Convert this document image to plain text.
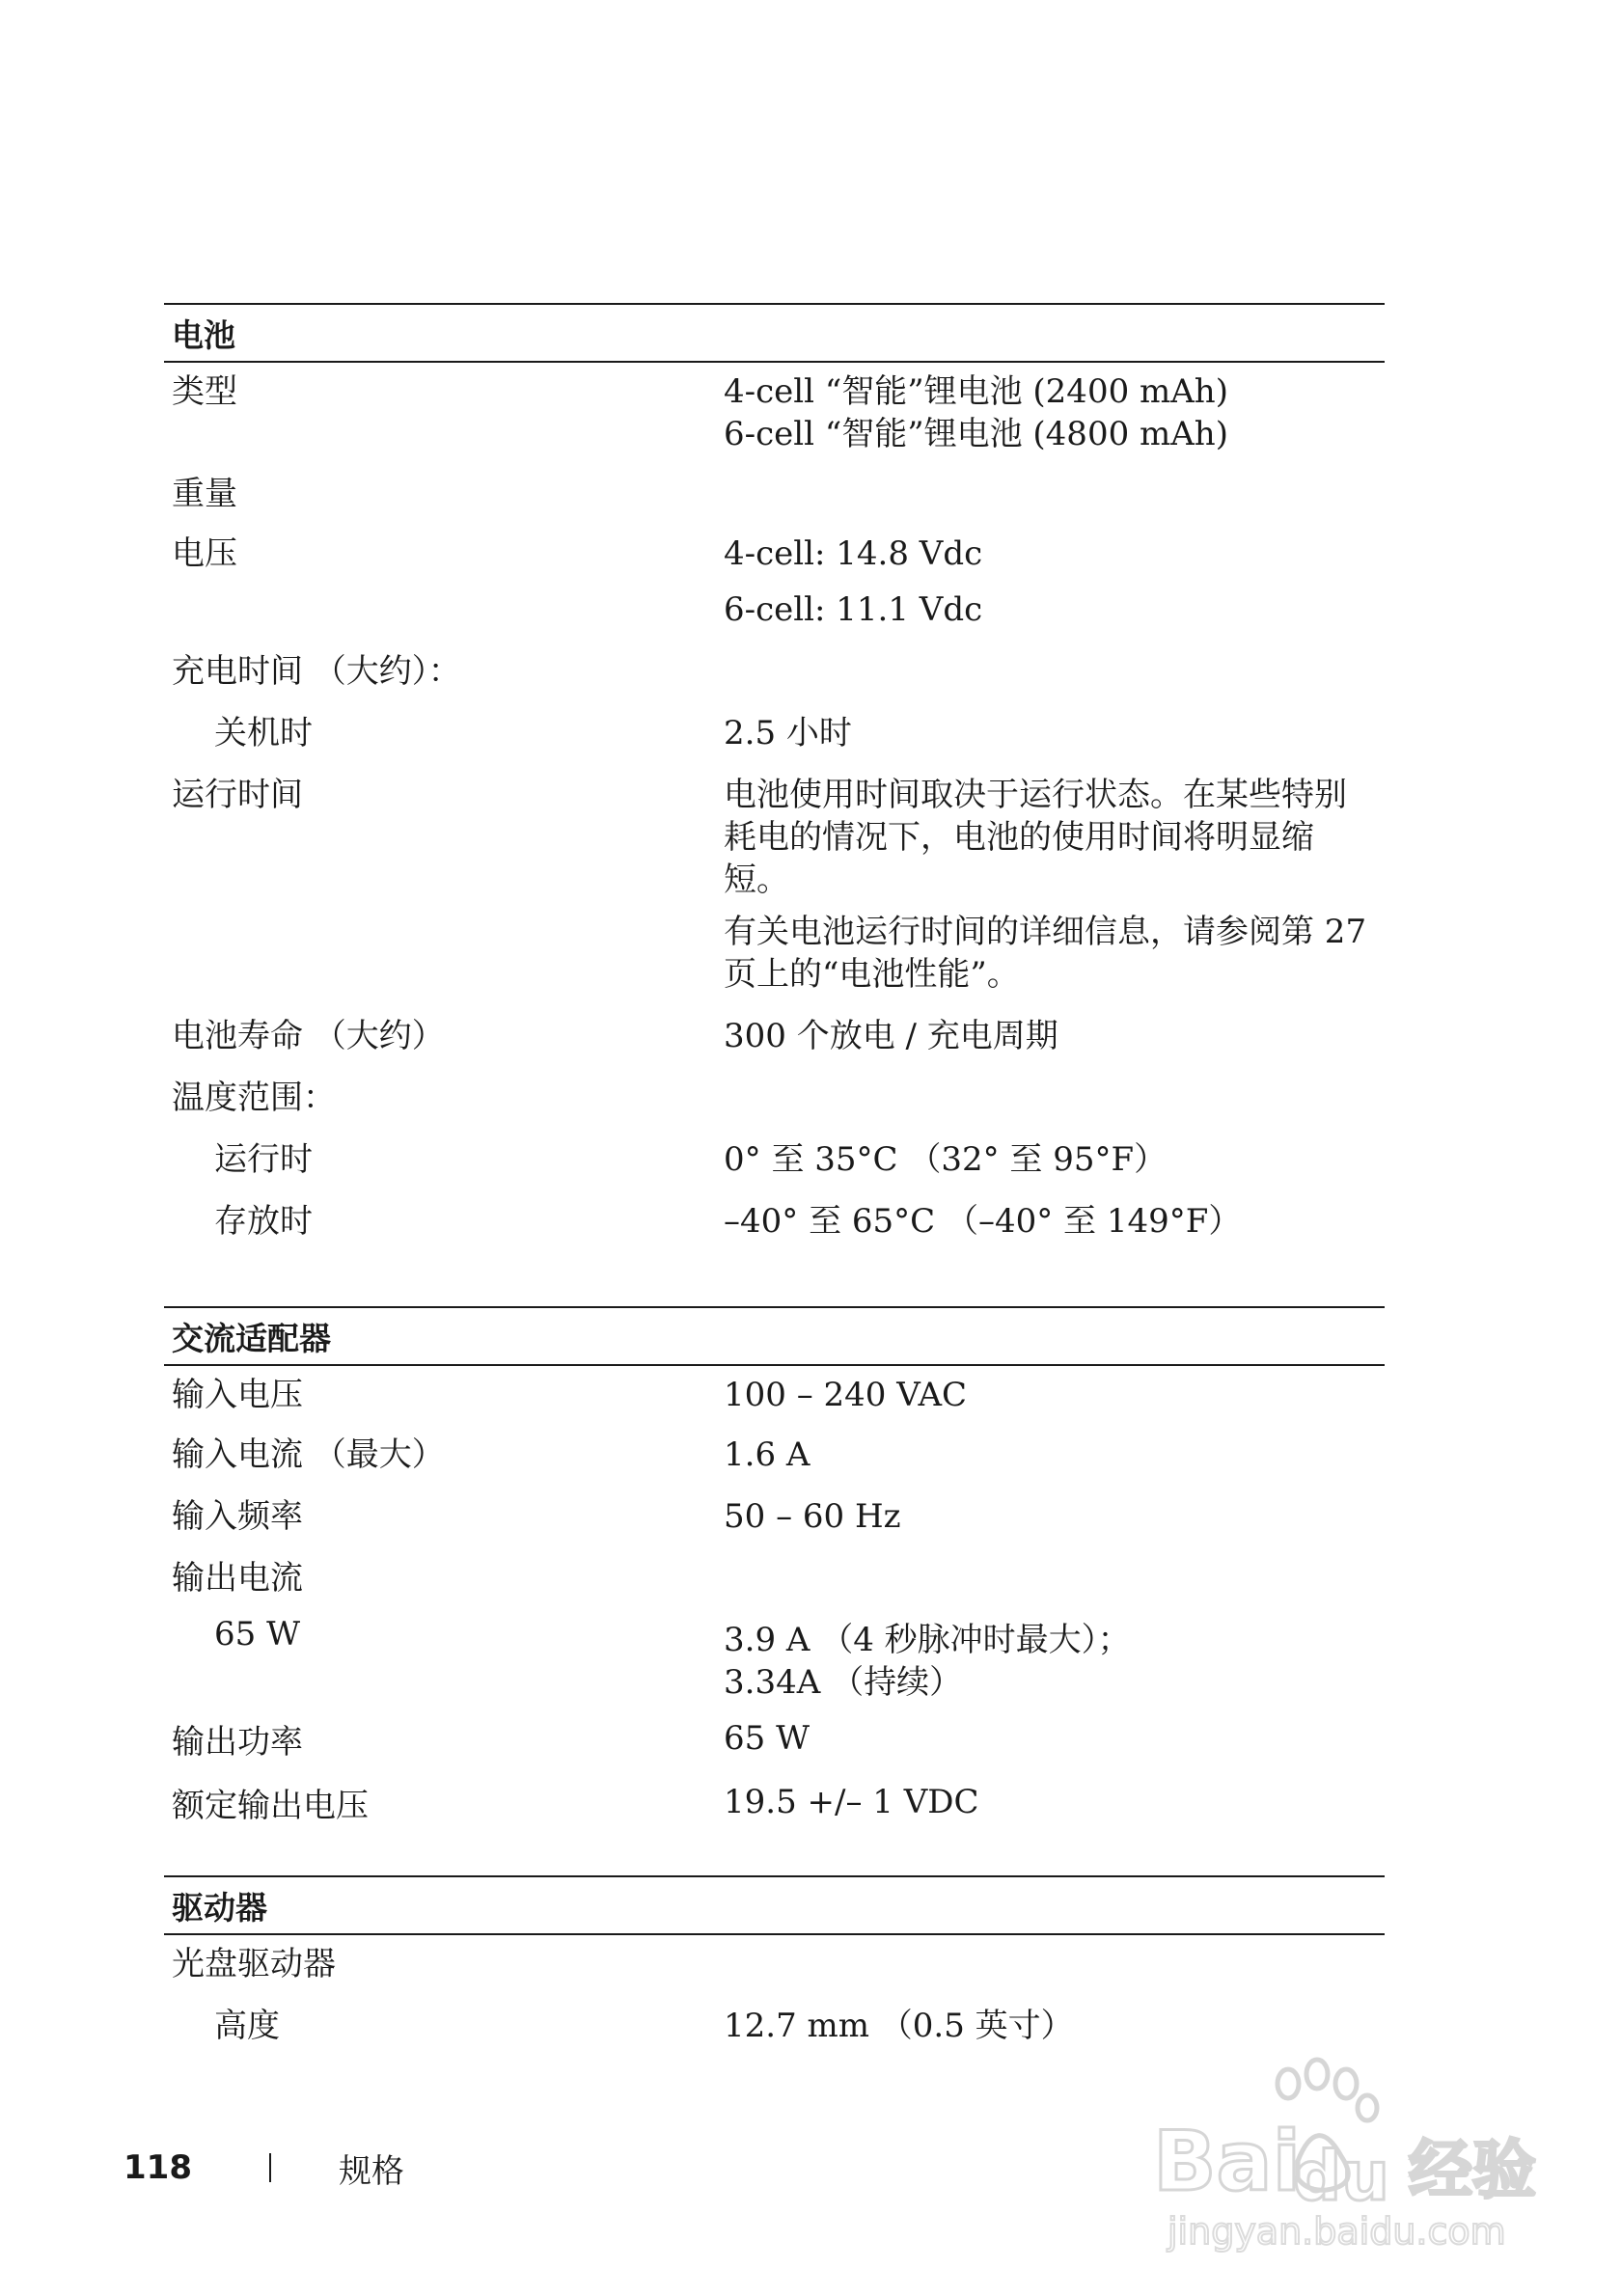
电池
类型	4-cell “智能”锂电池 (2400 mAh)
6-cell “智能”锂电池 (4800 mAh)
重量
电压	4-cell: 14.8 Vdc
6-cell: 11.1 Vdc
充电时间 （大约）：
关机时	2.5 小时
运行时间	电池使用时间取决于运行状态。在某些特别耗电的情况下，电池的使用时间将明显缩短。
有关电池运行时间的详细信息，请参阅第 27 页上的“电池性能”。
电池寿命 （大约）	300 个放电 / 充电周期
温度范围：
运行时	0° 至 35°C （32° 至 95°F）
存放时	–40° 至 65°C （–40° 至 149°F）
交流适配器
输入电压	100 – 240 VAC
输入电流 （最大）	1.6 A
输入频率	50 – 60 Hz
输出电流
65 W	3.9 A （4 秒脉冲时最大）；
3.34A （持续）
输出功率	65 W
额定输出电压	19.5 +/– 1 VDC
驱动器
光盘驱动器
高度	12.7 mm （0.5 英寸）
118	规格	Bai
du 经验
jingyan.baidu.com
